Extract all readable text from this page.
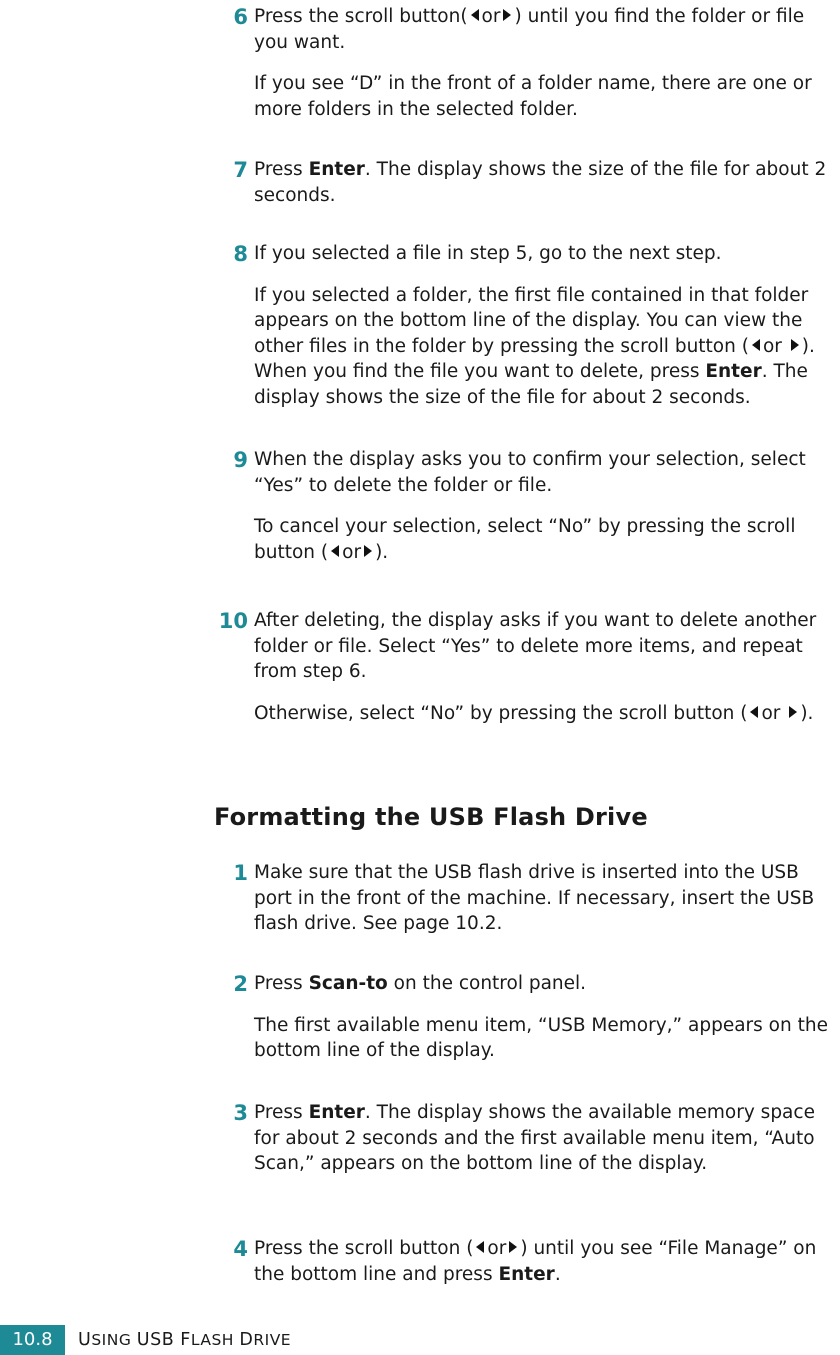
6 Press the scroll button( or ) until you find the folder or file you want.
If you see “D” in the front of a folder name, there are one or more folders in the selected folder.
7 Press Enter. The display shows the size of the file for about 2 seconds.
8 If you selected a file in step 5, go to the next step.
If you selected a folder, the first file contained in that folder appears on the bottom line of the display. You can view the other files in the folder by pressing the scroll button ( or ). When you find the file you want to delete, press Enter. The display shows the size of the file for about 2 seconds.
9 When the display asks you to confirm your selection, select “Yes” to delete the folder or file.
To cancel your selection, select “No” by pressing the scroll button ( or ).
10 After deleting, the display asks if you want to delete another folder or file. Select “Yes” to delete more items, and repeat from step 6.
Otherwise, select “No” by pressing the scroll button ( or ).
Formatting the USB Flash Drive
1 Make sure that the USB flash drive is inserted into the USB port in the front of the machine. If necessary, insert the USB flash drive. See page 10.2.
2 Press Scan-to on the control panel.
The first available menu item, “USB Memory,” appears on the bottom line of the display.
3 Press Enter. The display shows the available memory space for about 2 seconds and the first available menu item, “Auto Scan,” appears on the bottom line of the display.
4 Press the scroll button ( or ) until you see “File Manage” on the bottom line and press Enter.
10.8	USING USB FLASH DRIVE
